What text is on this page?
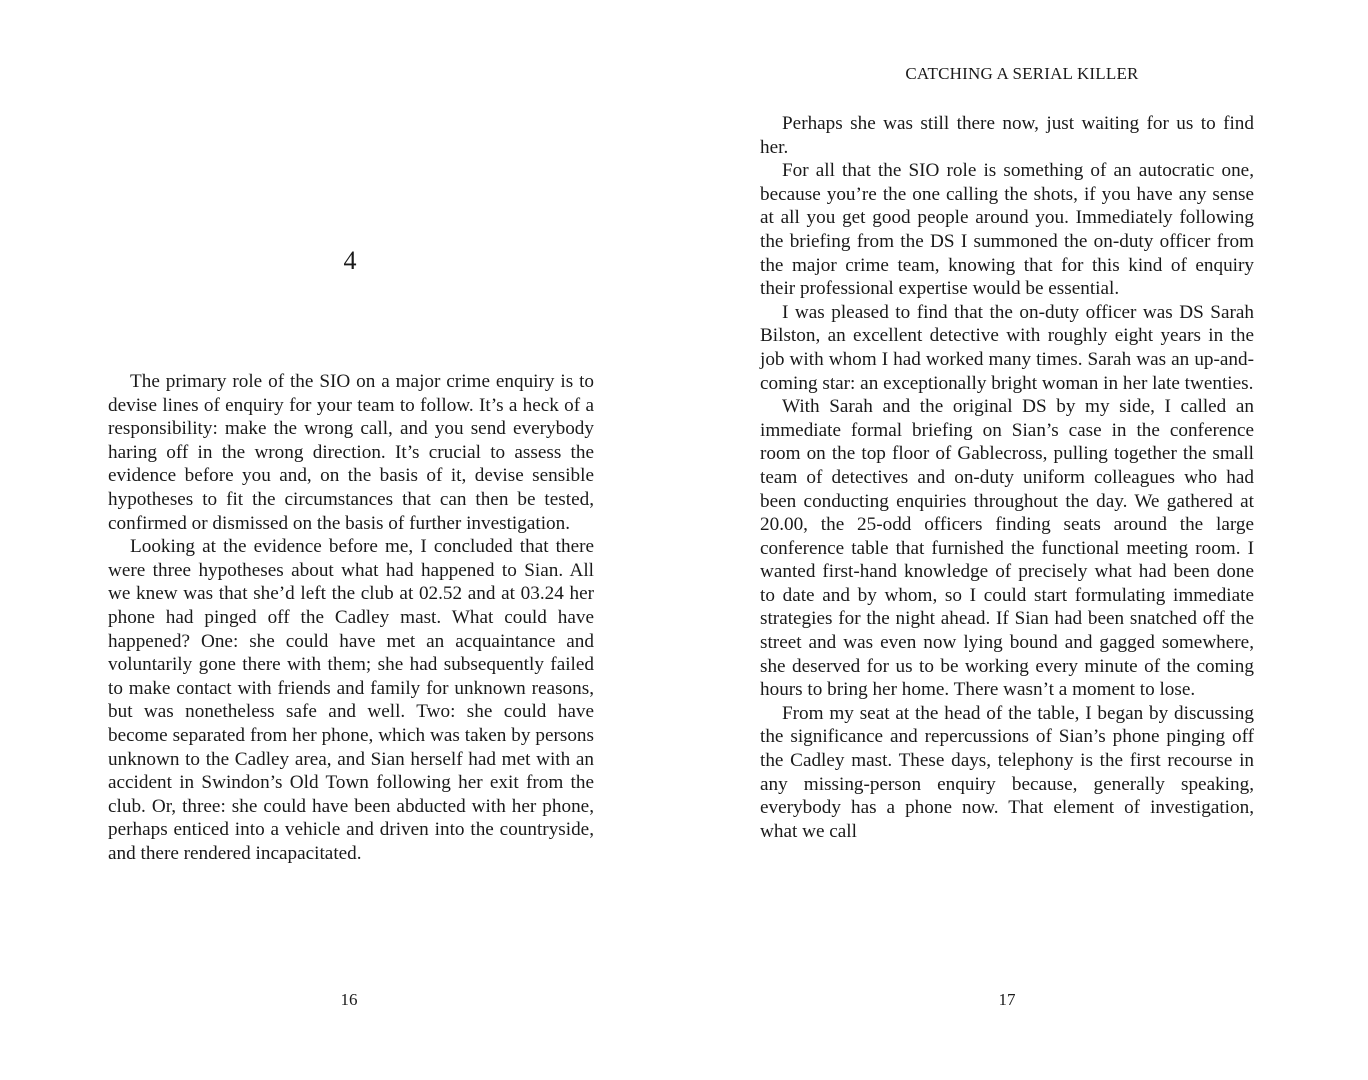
4

The primary role of the SIO on a major crime enquiry is to devise lines of enquiry for your team to follow. It’s a heck of a responsibility: make the wrong call, and you send everybody haring off in the wrong direction. It’s crucial to assess the evidence before you and, on the basis of it, devise sensible hypotheses to fit the circumstances that can then be tested, confirmed or dismissed on the basis of further investigation.

Looking at the evidence before me, I concluded that there were three hypotheses about what had happened to Sian. All we knew was that she’d left the club at 02.52 and at 03.24 her phone had pinged off the Cadley mast. What could have happened? One: she could have met an acquaintance and voluntarily gone there with them; she had subsequently failed to make contact with friends and family for unknown reasons, but was nonetheless safe and well. Two: she could have become separated from her phone, which was taken by persons unknown to the Cadley area, and Sian herself had met with an accident in Swindon’s Old Town following her exit from the club. Or, three: she could have been abducted with her phone, perhaps enticed into a vehicle and driven into the countryside, and there rendered incapacitated.

16
CATCHING A SERIAL KILLER

Perhaps she was still there now, just waiting for us to find her.

For all that the SIO role is something of an autocratic one, because you’re the one calling the shots, if you have any sense at all you get good people around you. Immediately following the briefing from the DS I summoned the on-duty officer from the major crime team, knowing that for this kind of enquiry their professional expertise would be essential.

I was pleased to find that the on-duty officer was DS Sarah Bilston, an excellent detective with roughly eight years in the job with whom I had worked many times. Sarah was an up-and-coming star: an exceptionally bright woman in her late twenties.

With Sarah and the original DS by my side, I called an immediate formal briefing on Sian’s case in the conference room on the top floor of Gablecross, pulling together the small team of detectives and on-duty uniform colleagues who had been conducting enquiries throughout the day. We gathered at 20.00, the 25-odd officers finding seats around the large conference table that furnished the functional meeting room. I wanted first-hand knowledge of precisely what had been done to date and by whom, so I could start formulating immediate strategies for the night ahead. If Sian had been snatched off the street and was even now lying bound and gagged somewhere, she deserved for us to be working every minute of the coming hours to bring her home. There wasn’t a moment to lose.

From my seat at the head of the table, I began by discussing the significance and repercussions of Sian’s phone pinging off the Cadley mast. These days, telephony is the first recourse in any missing-person enquiry because, generally speaking, everybody has a phone now. That element of investigation, what we call

17
